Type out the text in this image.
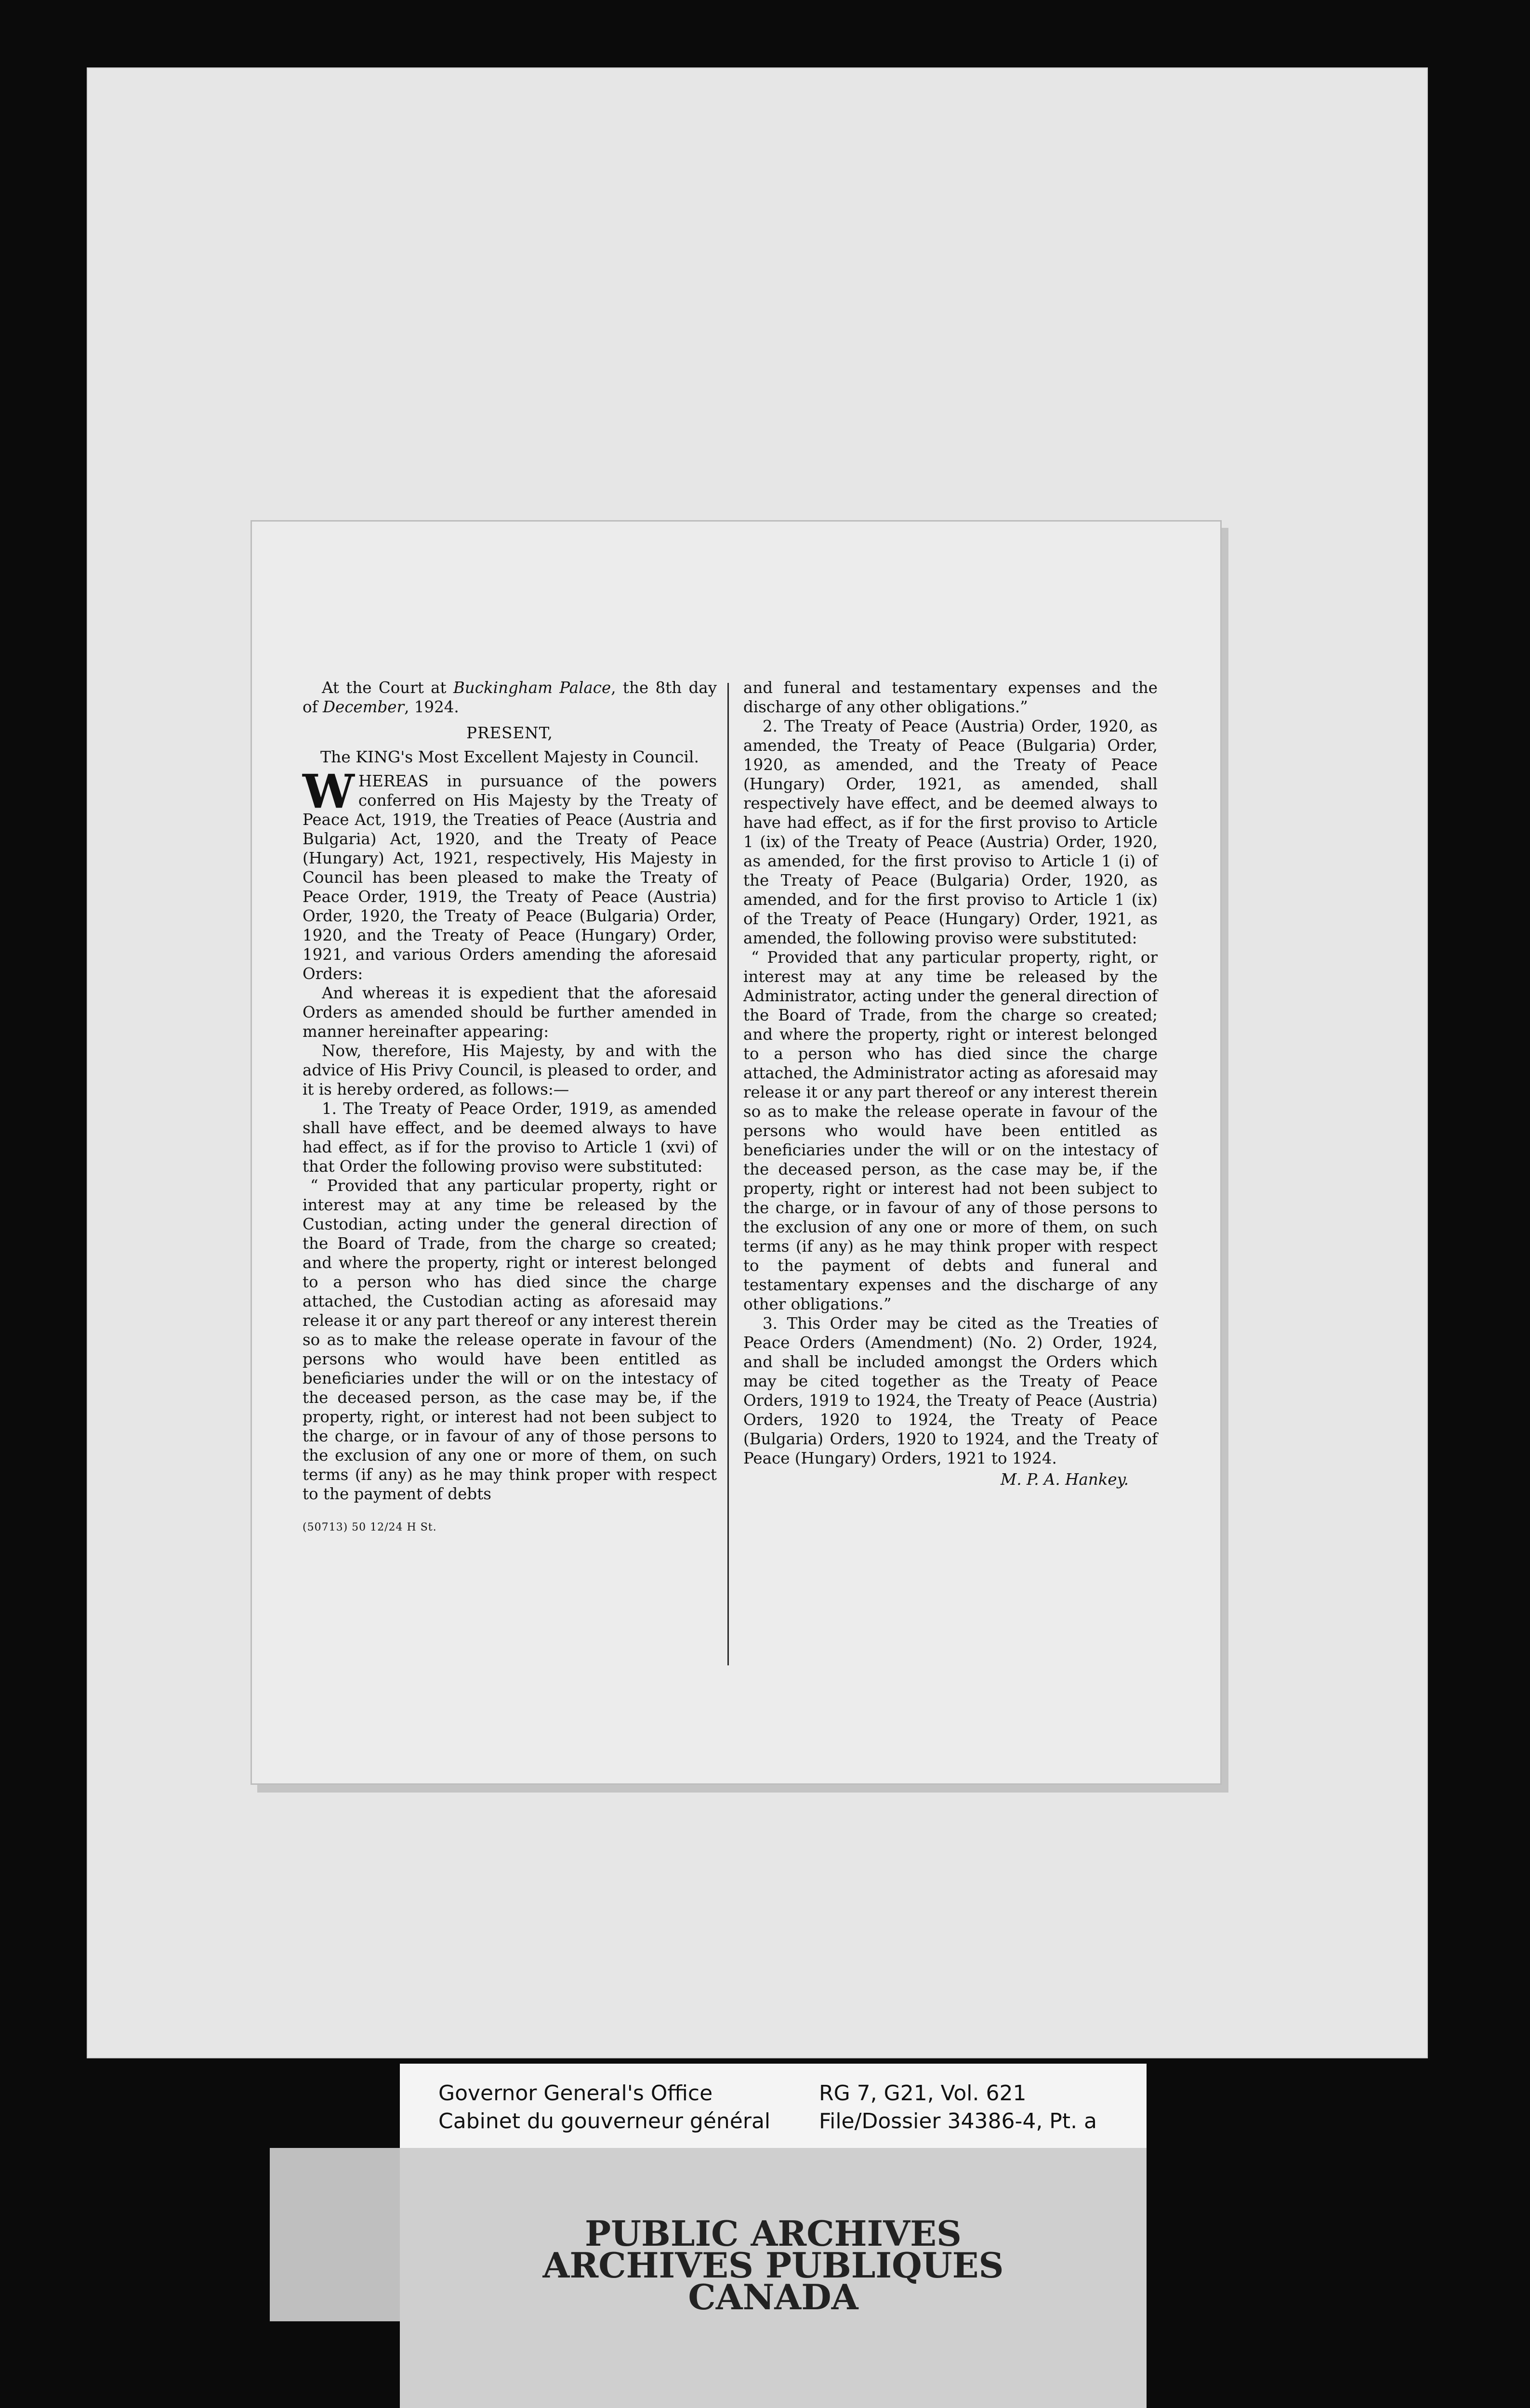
At the Court at Buckingham Palace, the 8th day of December, 1924.

PRESENT,

The KING's Most Excellent Majesty in Council.

WHEREAS in pursuance of the powers conferred on His Majesty by the Treaty of Peace Act, 1919, the Treaties of Peace (Austria and Bulgaria) Act, 1920, and the Treaty of Peace (Hungary) Act, 1921, respectively, His Majesty in Council has been pleased to make the Treaty of Peace Order, 1919, the Treaty of Peace (Austria) Order, 1920, the Treaty of Peace (Bulgaria) Order, 1920, and the Treaty of Peace (Hungary) Order, 1921, and various Orders amending the aforesaid Orders:

And whereas it is expedient that the aforesaid Orders as amended should be further amended in manner hereinafter appearing:

Now, therefore, His Majesty, by and with the advice of His Privy Council, is pleased to order, and it is hereby ordered, as follows:—

1. The Treaty of Peace Order, 1919, as amended shall have effect, and be deemed always to have had effect, as if for the proviso to Article 1 (xvi) of that Order the following proviso were substituted:

“ Provided that any particular property, right or interest may at any time be released by the Custodian, acting under the general direction of the Board of Trade, from the charge so created; and where the property, right or interest belonged to a person who has died since the charge attached, the Custodian acting as aforesaid may release it or any part thereof or any interest therein so as to make the release operate in favour of the persons who would have been entitled as beneficiaries under the will or on the intestacy of the deceased person, as the case may be, if the property, right, or interest had not been subject to the charge, or in favour of any of those persons to the exclusion of any one or more of them, on such terms (if any) as he may think proper with respect to the payment of debts

(50713) 50 12/24 H St.

and funeral and testamentary expenses and the discharge of any other obligations.”

2. The Treaty of Peace (Austria) Order, 1920, as amended, the Treaty of Peace (Bulgaria) Order, 1920, as amended, and the Treaty of Peace (Hungary) Order, 1921, as amended, shall respectively have effect, and be deemed always to have had effect, as if for the first proviso to Article 1 (ix) of the Treaty of Peace (Austria) Order, 1920, as amended, for the first proviso to Article 1 (i) of the Treaty of Peace (Bulgaria) Order, 1920, as amended, and for the first proviso to Article 1 (ix) of the Treaty of Peace (Hungary) Order, 1921, as amended, the following proviso were substituted:

“ Provided that any particular property, right, or interest may at any time be released by the Administrator, acting under the general direction of the Board of Trade, from the charge so created; and where the property, right or interest belonged to a person who has died since the charge attached, the Administrator acting as aforesaid may release it or any part thereof or any interest therein so as to make the release operate in favour of the persons who would have been entitled as beneficiaries under the will or on the intestacy of the deceased person, as the case may be, if the property, right or interest had not been subject to the charge, or in favour of any of those persons to the exclusion of any one or more of them, on such terms (if any) as he may think proper with respect to the payment of debts and funeral and testamentary expenses and the discharge of any other obligations.”

3. This Order may be cited as the Treaties of Peace Orders (Amendment) (No. 2) Order, 1924, and shall be included amongst the Orders which may be cited together as the Treaty of Peace Orders, 1919 to 1924, the Treaty of Peace (Austria) Orders, 1920 to 1924, the Treaty of Peace (Bulgaria) Orders, 1920 to 1924, and the Treaty of Peace (Hungary) Orders, 1921 to 1924.

M. P. A. Hankey.

Governor General's Office
Cabinet du gouverneur général
RG 7, G21, Vol. 621
File/Dossier 34386-4, Pt. a
PUBLIC ARCHIVES
ARCHIVES PUBLIQUES
CANADA
